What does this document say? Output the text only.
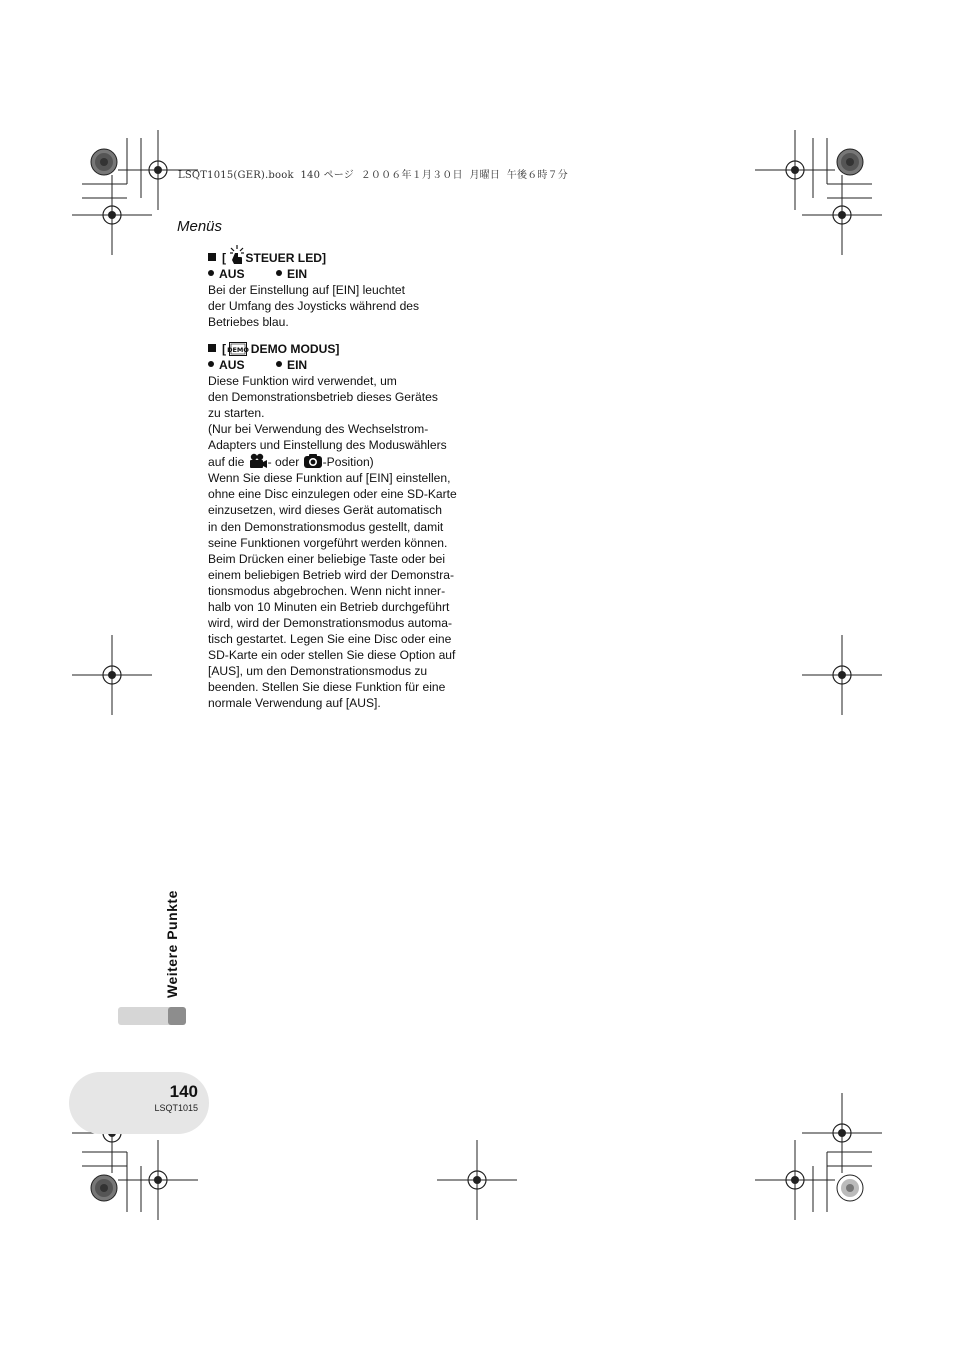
LSQT1015(GER).book  140 ページ  ２００６年１月３０日  月曜日  午後６時７分
Menüs
[ STEUER LED]
AUS	EIN
Bei der Einstellung auf [EIN] leuchtet
der Umfang des Joysticks während des
Betriebes blau.
[
DEMO DEMO MODUS]
AUS	EIN
Diese Funktion wird verwendet, um
den Demonstrationsbetrieb dieses Gerätes
zu starten.
(Nur bei Verwendung des Wechselstrom-
Adapters und Einstellung des Moduswählers
auf die - oder -Position)
Wenn Sie diese Funktion auf [EIN] einstellen,
ohne eine Disc einzulegen oder eine SD-Karte
einzusetzen, wird dieses Gerät automatisch
in den Demonstrationsmodus gestellt, damit
seine Funktionen vorgeführt werden können.
Beim Drücken einer beliebige Taste oder bei
einem beliebigen Betrieb wird der Demonstra-
tionsmodus abgebrochen. Wenn nicht inner-
halb von 10 Minuten ein Betrieb durchgeführt
wird, wird der Demonstrationsmodus automa-
tisch gestartet. Legen Sie eine Disc oder eine
SD-Karte ein oder stellen Sie diese Option auf
[AUS], um den Demonstrationsmodus zu
beenden. Stellen Sie diese Funktion für eine
normale Verwendung auf [AUS].
Weitere Punkte
140
LSQT1015
